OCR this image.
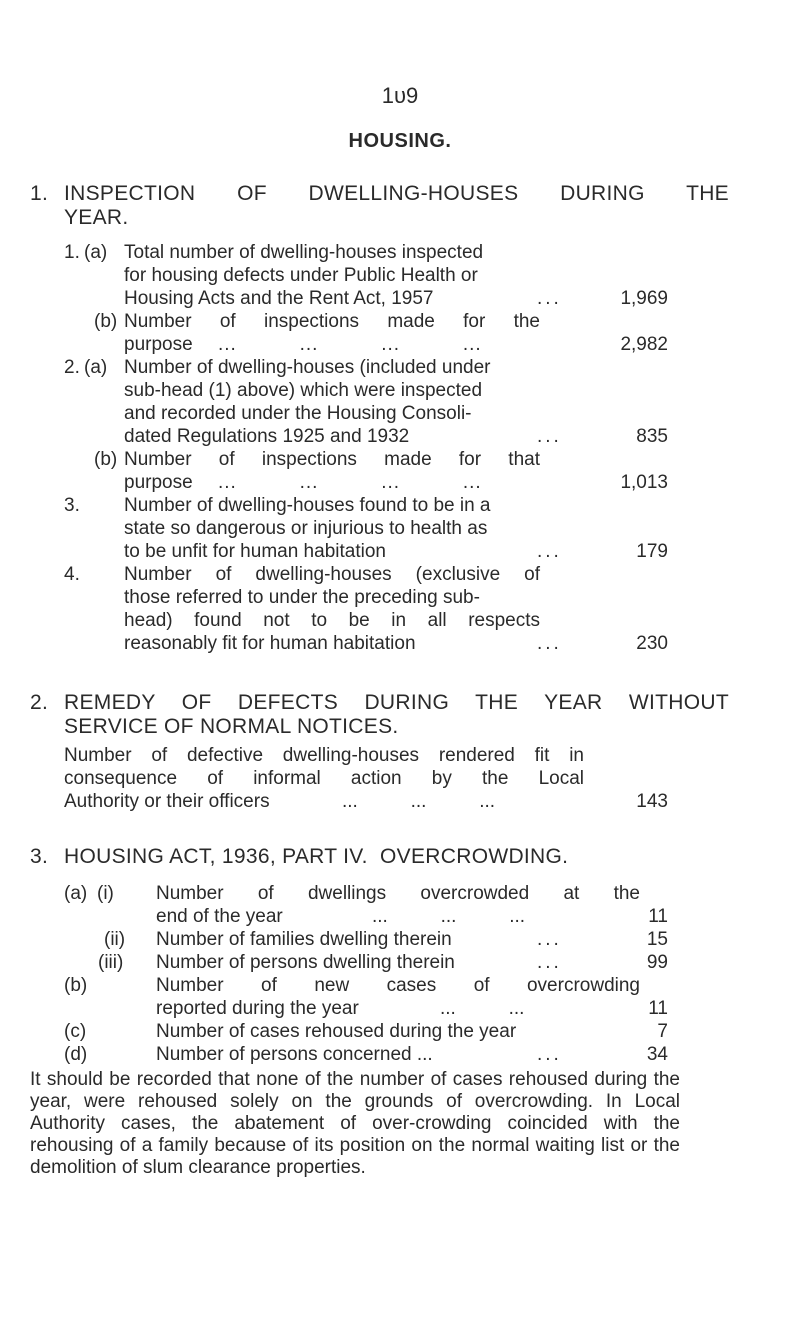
1υ9
HOUSING.
1. INSPECTION OF DWELLING-HOUSES DURING THE
YEAR.
1. (a) Total number of dwelling-houses inspected
for housing defects under Public Health or
Housing Acts and the Rent Act, 1957	...	1,969
(b) Number of inspections made for the
purpose ...          ...          ...          ...	2,982
2. (a) Number of dwelling-houses (included under
sub-head (1) above) which were inspected
and recorded under the Housing Consoli-
dated Regulations 1925 and 1932	...	835
(b) Number of inspections made for that
purpose ...          ...          ...          ...	1,013
3. Number of dwelling-houses found to be in a
state so dangerous or injurious to health as
to be unfit for human habitation	...	179
4. Number of dwelling-houses (exclusive of
those referred to under the preceding sub-
head) found not to be in all respects
reasonably fit for human habitation	...	230
2. REMEDY OF DEFECTS DURING THE YEAR WITHOUT
SERVICE OF NORMAL NOTICES.
Number of defective dwelling-houses rendered fit in
consequence of informal action by the Local
Authority or their officers	...          ...          ...	143
3. HOUSING ACT, 1936, PART IV.  OVERCROWDING.
(a) (i) Number of dwellings overcrowded at the
end of the year	...          ...          ...	11
(ii) Number of families dwelling therein	...	15
(iii) Number of persons dwelling therein	...	99
(b)	Number of new cases of overcrowding
reported during the year	...          ...	11
(c)	Number of cases rehoused during the year	7
(d)	Number of persons concerned ...	...	34
It should be recorded that none of the number of cases rehoused during the year, were rehoused solely on the grounds of overcrowding. In Local Authority cases, the abatement of over-crowding coincided with the rehousing of a family because of its position on the normal waiting list or the demolition of slum clearance properties.
